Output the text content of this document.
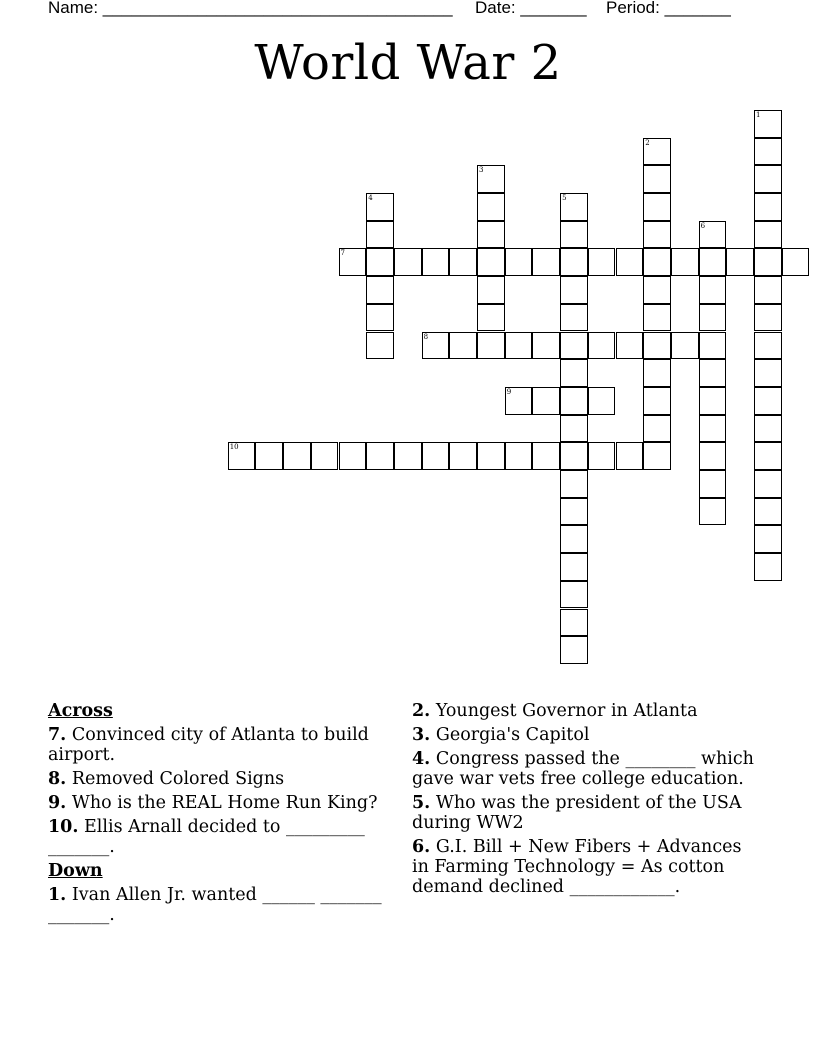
Name: _____________________________________ Date: _______ Period: _______
World War 2
1
2
3
4	5
6
7
8
9
10
Across
7. Convinced city of Atlanta to build airport.
8. Removed Colored Signs
9. Who is the REAL Home Run King?
10. Ellis Arnall decided to _________ _______.
Down
1. Ivan Allen Jr. wanted ______ _______ _______.
2. Youngest Governor in Atlanta
3. Georgia's Capitol
4. Congress passed the ________ which gave war vets free college education.
5. Who was the president of the USA during WW2
6. G.I. Bill + New Fibers + Advances in Farming Technology = As cotton demand declined ____________.
